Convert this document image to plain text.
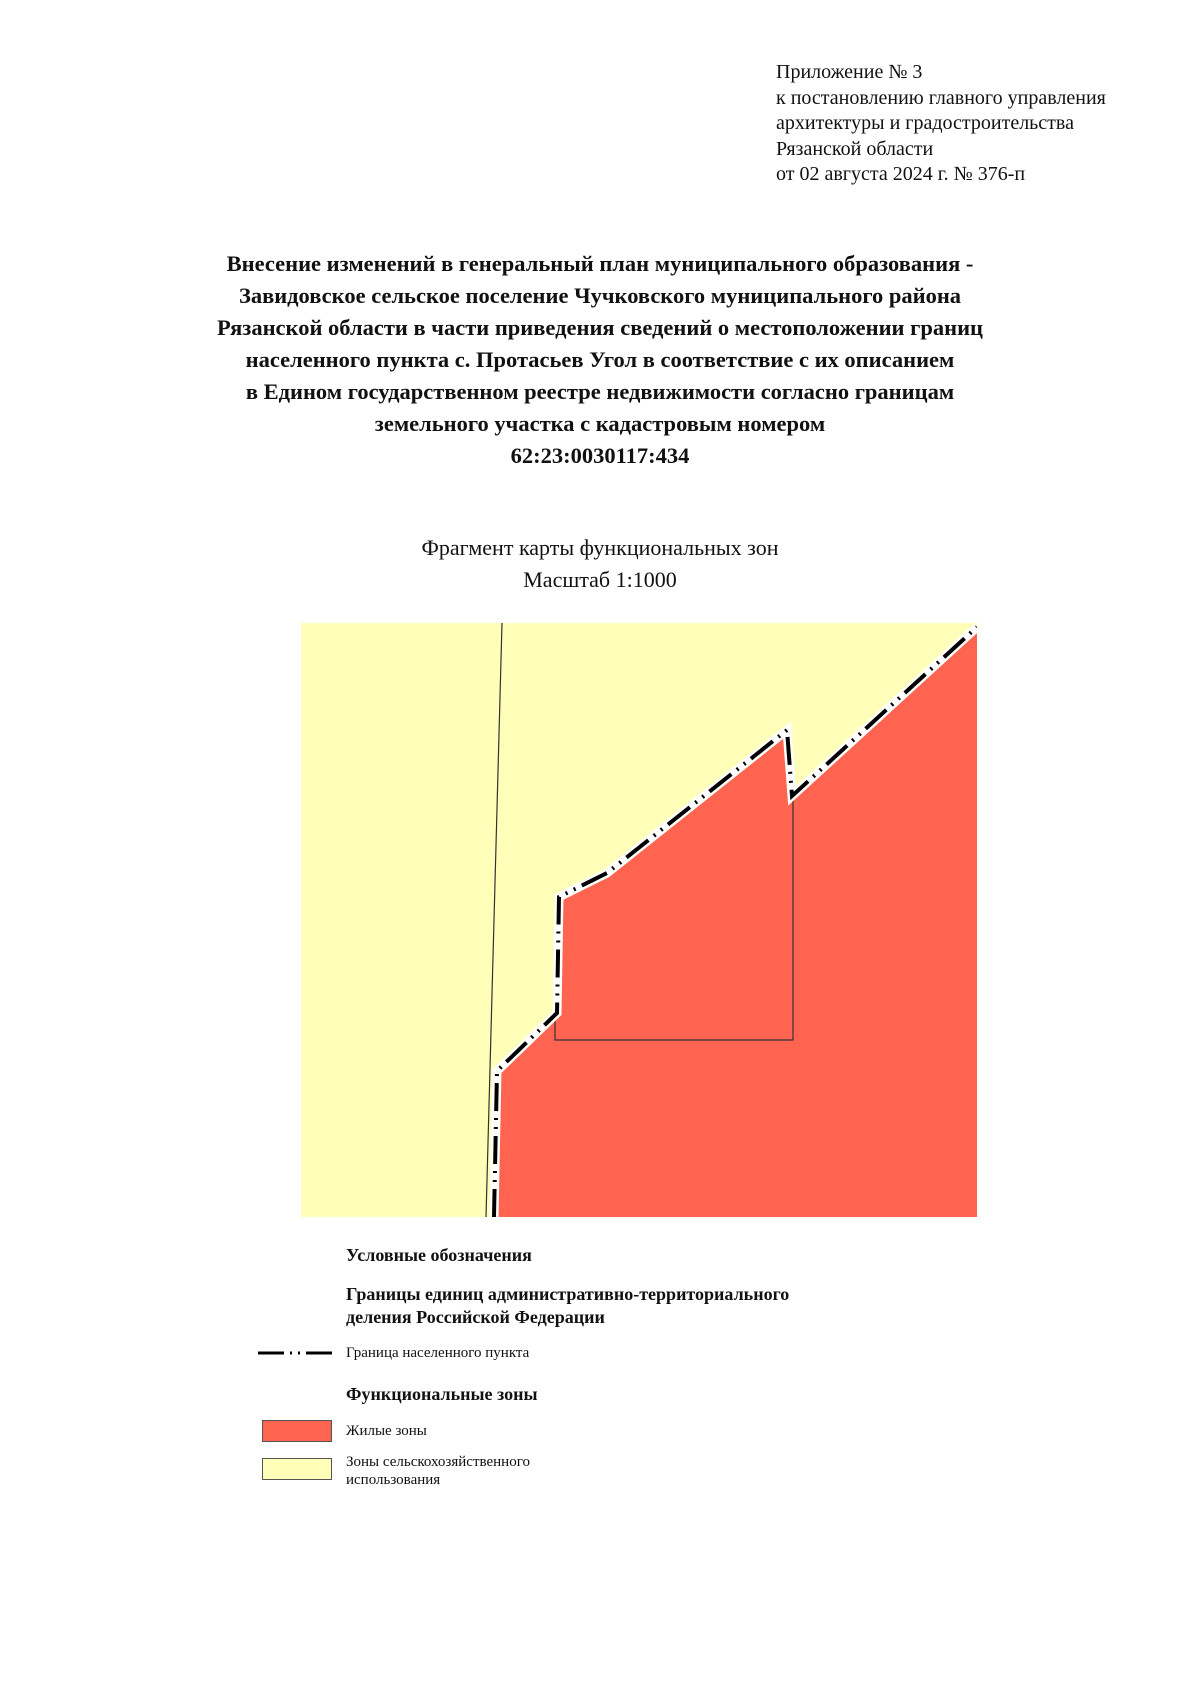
Приложение № 3
к постановлению главного управления
архитектуры и градостроительства
Рязанской области
от 02 августа 2024 г. № 376-п
Внесение изменений в генеральный план муниципального образования -
Завидовское сельское поселение Чучковского муниципального района
Рязанской области в части приведения сведений о местоположении границ
населенного пункта с. Протасьев Угол в соответствие с их описанием
в Едином государственном реестре недвижимости согласно границам
земельного участка с кадастровым номером
62:23:0030117:434
Фрагмент карты функциональных зон
Масштаб 1:1000
Условные обозначения
Границы единиц административно-территориального
деления Российской Федерации
Граница населенного пункта
Функциональные зоны
Жилые зоны
Зоны сельскохозяйственного
использования
